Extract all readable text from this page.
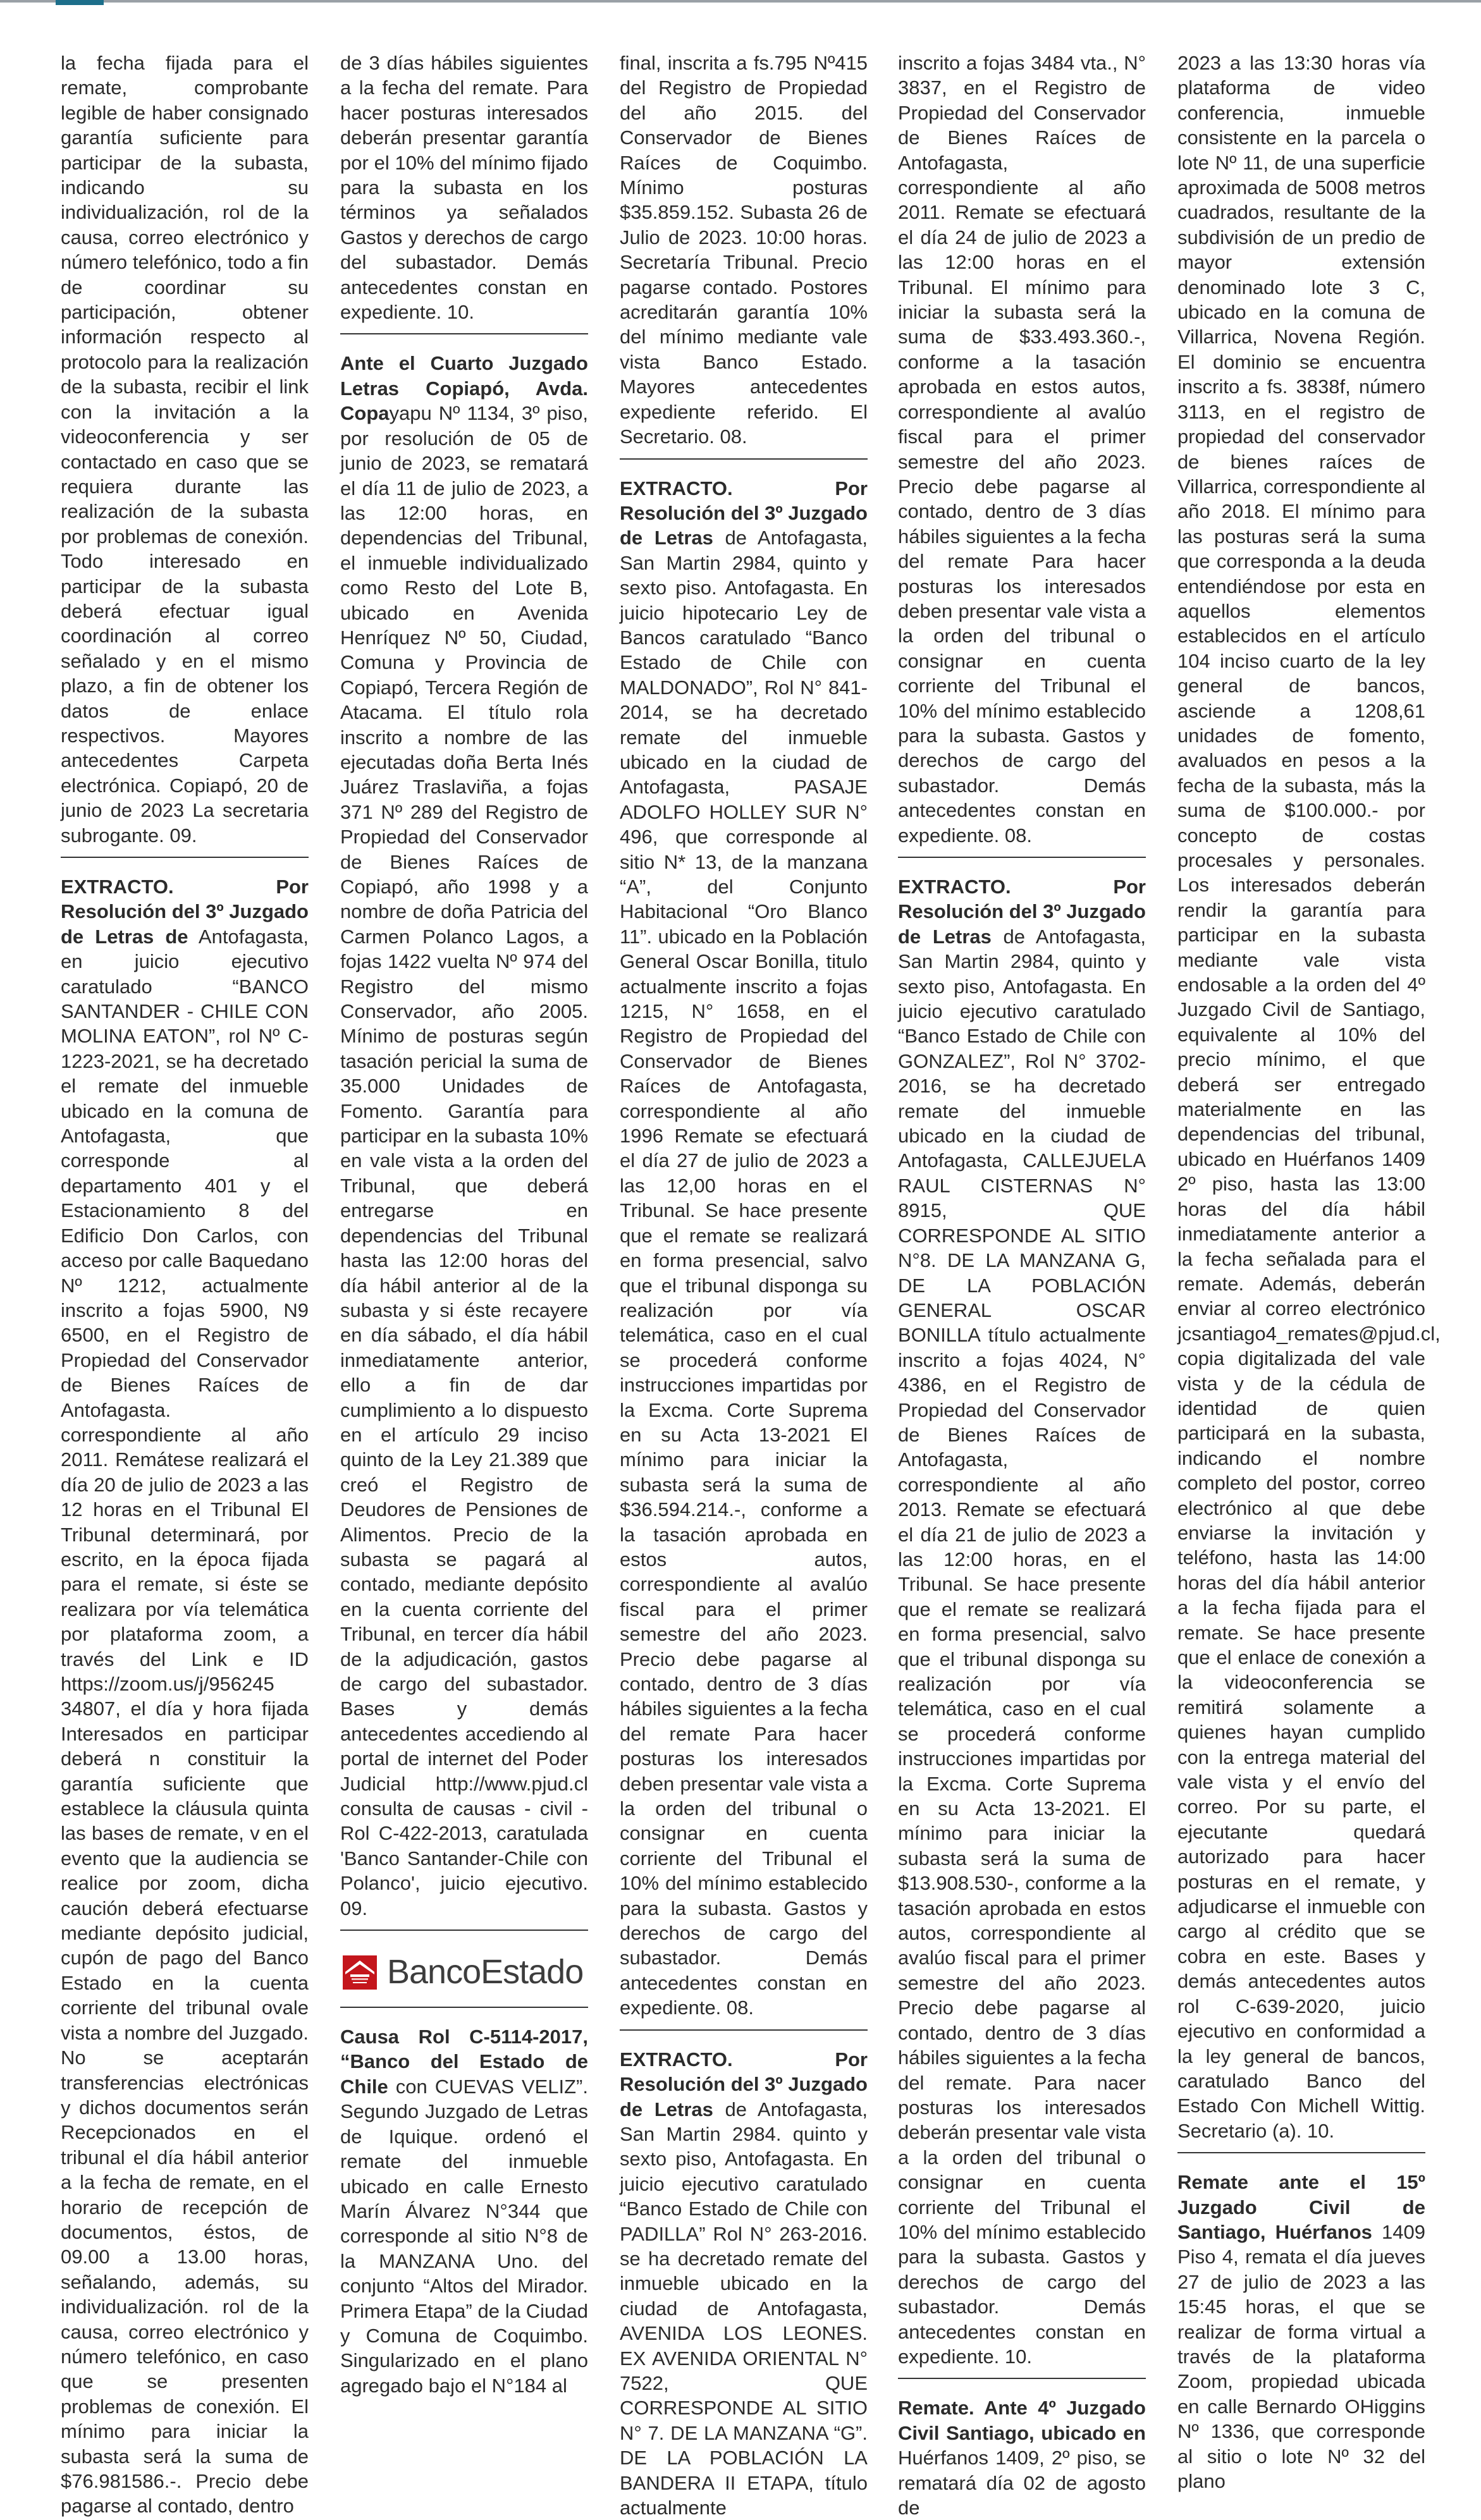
la fecha fijada para el remate, comprobante legible de haber consignado garantía suficiente para participar de la subasta, indicando su individualización, rol de la causa, correo electrónico y número telefónico, todo a fin de coordinar su participación, obtener información respecto al protocolo para la realización de la subasta, recibir el link con la invitación a la videoconferencia y ser contactado en caso que se requiera durante las realización de la subasta por problemas de conexión. Todo interesado en participar de la subasta deberá efectuar igual coordinación al correo señalado y en el mismo plazo, a fin de obtener los datos de enlace respectivos. Mayores antecedentes Carpeta electrónica. Copiapó, 20 de junio de 2023 La secretaria subrogante. 09.

EXTRACTO. Por Resolución del 3º Juzgado de Letras de Antofagasta, en juicio ejecutivo caratulado “BANCO SANTANDER - CHILE CON MOLINA EATON”, rol Nº C-1223-2021, se ha decretado el remate del inmueble ubicado en la comuna de Antofagasta, que corresponde al departamento 401 y el Estacionamiento 8 del Edificio Don Carlos, con acceso por calle Baquedano Nº 1212, actualmente inscrito a fojas 5900, N9 6500, en el Registro de Propiedad del Conservador de Bienes Raíces de Antofagasta. correspondiente al año 2011. Remátese realizará el día 20 de julio de 2023 a las 12 horas en el Tribunal El Tribunal determinará, por escrito, en la época fijada para el remate, si éste se realizara por vía telemática por plataforma zoom, a través del Link e ID https://zoom.us/j/956245 34807, el día y hora fijada Interesados en participar deberá n constituir la garantía suficiente que establece la cláusula quinta las bases de remate, v en el evento que la audiencia se realice por zoom, dicha caución deberá efectuarse mediante depósito judicial, cupón de pago del Banco Estado en la cuenta corriente del tribunal ovale vista a nombre del Juzgado. No se aceptarán transferencias electrónicas y dichos documentos serán Recepcionados en el tribunal el día hábil anterior a la fecha de remate, en el horario de recepción de documentos, éstos, de 09.00 a 13.00 horas, señalando, además, su individualización. rol de la causa, correo electrónico y número telefónico, en caso que se presenten problemas de conexión. El mínimo para iniciar la subasta será la suma de $76.981586.-. Precio debe pagarse al contado, dentro

de 3 días hábiles siguientes a la fecha del remate. Para hacer posturas interesados deberán presentar garantía por el 10% del mínimo fijado para la subasta en los términos ya señalados Gastos y derechos de cargo del subastador. Demás antecedentes constan en expediente. 10.

Ante el Cuarto Juzgado Letras Copiapó, Avda. Copayapu Nº 1134, 3º piso, por resolución de 05 de junio de 2023, se rematará el día 11 de julio de 2023, a las 12:00 horas, en dependencias del Tribunal, el inmueble individualizado como Resto del Lote B, ubicado en Avenida Henríquez Nº 50, Ciudad, Comuna y Provincia de Copiapó, Tercera Región de Atacama. El título rola inscrito a nombre de las ejecutadas doña Berta Inés Juárez Traslaviña, a fojas 371 Nº 289 del Registro de Propiedad del Conservador de Bienes Raíces de Copiapó, año 1998 y a nombre de doña Patricia del Carmen Polanco Lagos, a fojas 1422 vuelta Nº 974 del Registro del mismo Conservador, año 2005. Mínimo de posturas según tasación pericial la suma de 35.000 Unidades de Fomento. Garantía para participar en la subasta 10% en vale vista a la orden del Tribunal, que deberá entregarse en dependencias del Tribunal hasta las 12:00 horas del día hábil anterior al de la subasta y si éste recayere en día sábado, el día hábil inmediatamente anterior, ello a fin de dar cumplimiento a lo dispuesto en el artículo 29 inciso quinto de la Ley 21.389 que creó el Registro de Deudores de Pensiones de Alimentos. Precio de la subasta se pagará al contado, mediante depósito en la cuenta corriente del Tribunal, en tercer día hábil de la adjudicación, gastos de cargo del subastador. Bases y demás antecedentes accediendo al portal de internet del Poder Judicial http://www.pjud.cl consulta de causas - civil - Rol C-422-2013, caratulada 'Banco Santander-Chile con Polanco', juicio ejecutivo. 09.

BancoEstado

Causa Rol C-5114-2017, “Banco del Estado de Chile con CUEVAS VELIZ”. Segundo Juzgado de Letras de Iquique. ordenó el remate del inmueble ubicado en calle Ernesto Marín Álvarez N°344 que corresponde al sitio N°8 de la MANZANA Uno. del conjunto “Altos del Mirador. Primera Etapa” de la Ciudad y Comuna de Coquimbo. Singularizado en el plano agregado bajo el N°184 al

final, inscrita a fs.795 Nº415 del Registro de Propiedad del año 2015. del Conservador de Bienes Raíces de Coquimbo. Mínimo posturas $35.859.152. Subasta 26 de Julio de 2023. 10:00 horas. Secretaría Tribunal. Precio pagarse contado. Postores acreditarán garantía 10% del mínimo mediante vale vista Banco Estado. Mayores antecedentes expediente referido. El Secretario. 08.

EXTRACTO. Por Resolución del 3º Juzgado de Letras de Antofagasta, San Martin 2984, quinto y sexto piso. Antofagasta. En juicio hipotecario Ley de Bancos caratulado “Banco Estado de Chile con MALDONADO”, Rol N° 841-2014, se ha decretado remate del inmueble ubicado en la ciudad de Antofagasta, PASAJE ADOLFO HOLLEY SUR N° 496, que corresponde al sitio N* 13, de la manzana “A”, del Conjunto Habitacional “Oro Blanco 11”. ubicado en la Población General Oscar Bonilla, titulo actualmente inscrito a fojas 1215, N° 1658, en el Registro de Propiedad del Conservador de Bienes Raíces de Antofagasta, correspondiente al año 1996 Remate se efectuará el día 27 de julio de 2023 a las 12,00 horas en el Tribunal. Se hace presente que el remate se realizará en forma presencial, salvo que el tribunal disponga su realización por vía telemática, caso en el cual se procederá conforme instrucciones impartidas por la Excma. Corte Suprema en su Acta 13-2021 El mínimo para iniciar la subasta será la suma de $36.594.214.-, conforme a la tasación aprobada en estos autos, correspondiente al avalúo fiscal para el primer semestre del año 2023. Precio debe pagarse al contado, dentro de 3 días hábiles siguientes a la fecha del remate Para hacer posturas los interesados deben presentar vale vista a la orden del tribunal o consignar en cuenta corriente del Tribunal el 10% del mínimo establecido para la subasta. Gastos y derechos de cargo del subastador. Demás antecedentes constan en expediente. 08.

EXTRACTO. Por Resolución del 3º Juzgado de Letras de Antofagasta, San Martin 2984. quinto y sexto piso, Antofagasta. En juicio ejecutivo caratulado “Banco Estado de Chile con PADILLA” Rol N° 263-2016. se ha decretado remate del inmueble ubicado en la ciudad de Antofagasta, AVENIDA LOS LEONES. EX AVENIDA ORIENTAL N° 7522, QUE CORRESPONDE AL SITIO N° 7. DE LA MANZANA “G”. DE LA POBLACIÓN LA BANDERA II ETAPA, título actualmente

inscrito a fojas 3484 vta., N° 3837, en el Registro de Propiedad del Conservador de Bienes Raíces de Antofagasta, correspondiente al año 2011. Remate se efectuará el día 24 de julio de 2023 a las 12:00 horas en el Tribunal. El mínimo para iniciar la subasta será la suma de $33.493.360.-, conforme a la tasación aprobada en estos autos, correspondiente al avalúo fiscal para el primer semestre del año 2023. Precio debe pagarse al contado, dentro de 3 días hábiles siguientes a la fecha del remate Para hacer posturas los interesados deben presentar vale vista a la orden del tribunal o consignar en cuenta corriente del Tribunal el 10% del mínimo establecido para la subasta. Gastos y derechos de cargo del subastador. Demás antecedentes constan en expediente. 08.

EXTRACTO. Por Resolución del 3º Juzgado de Letras de Antofagasta, San Martin 2984, quinto y sexto piso, Antofagasta. En juicio ejecutivo caratulado “Banco Estado de Chile con GONZALEZ”, Rol N° 3702-2016, se ha decretado remate del inmueble ubicado en la ciudad de Antofagasta, CALLEJUELA RAUL CISTERNAS N° 8915, QUE CORRESPONDE AL SITIO N°8. DE LA MANZANA G, DE LA POBLACIÓN GENERAL OSCAR BONILLA título actualmente inscrito a fojas 4024, N° 4386, en el Registro de Propiedad del Conservador de Bienes Raíces de Antofagasta, correspondiente al año 2013. Remate se efectuará el día 21 de julio de 2023 a las 12:00 horas, en el Tribunal. Se hace presente que el remate se realizará en forma presencial, salvo que el tribunal disponga su realización por vía telemática, caso en el cual se procederá conforme instrucciones impartidas por la Excma. Corte Suprema en su Acta 13-2021. El mínimo para iniciar la subasta será la suma de $13.908.530-, conforme a la tasación aprobada en estos autos, correspondiente al avalúo fiscal para el primer semestre del año 2023. Precio debe pagarse al contado, dentro de 3 días hábiles siguientes a la fecha del remate. Para nacer posturas los interesados deberán presentar vale vista a la orden del tribunal o consignar en cuenta corriente del Tribunal el 10% del mínimo establecido para la subasta. Gastos y derechos de cargo del subastador. Demás antecedentes constan en expediente. 10.

Remate. Ante 4º Juzgado Civil Santiago, ubicado en Huérfanos 1409, 2º piso, se rematará día 02 de agosto de

2023 a las 13:30 horas vía plataforma de video conferencia, inmueble consistente en la parcela o lote Nº 11, de una superficie aproximada de 5008 metros cuadrados, resultante de la subdivisión de un predio de mayor extensión denominado lote 3 C, ubicado en la comuna de Villarrica, Novena Región. El dominio se encuentra inscrito a fs. 3838f, número 3113, en el registro de propiedad del conservador de bienes raíces de Villarrica, correspondiente al año 2018. El mínimo para las posturas será la suma que corresponda a la deuda entendiéndose por esta en aquellos elementos establecidos en el artículo 104 inciso cuarto de la ley general de bancos, asciende a 1208,61 unidades de fomento, avaluados en pesos a la fecha de la subasta, más la suma de $100.000.- por concepto de costas procesales y personales. Los interesados deberán rendir la garantía para participar en la subasta mediante vale vista endosable a la orden del 4º Juzgado Civil de Santiago, equivalente al 10% del precio mínimo, el que deberá ser entregado materialmente en las dependencias del tribunal, ubicado en Huérfanos 1409 2º piso, hasta las 13:00 horas del día hábil inmediatamente anterior a la fecha señalada para el remate. Además, deberán enviar al correo electrónico jcsantiago4_remates@pjud.cl, copia digitalizada del vale vista y de la cédula de identidad de quien participará en la subasta, indicando el nombre completo del postor, correo electrónico al que debe enviarse la invitación y teléfono, hasta las 14:00 horas del día hábil anterior a la fecha fijada para el remate. Se hace presente que el enlace de conexión a la videoconferencia se remitirá solamente a quienes hayan cumplido con la entrega material del vale vista y el envío del correo. Por su parte, el ejecutante quedará autorizado para hacer posturas en el remate, y adjudicarse el inmueble con cargo al crédito que se cobra en este. Bases y demás antecedentes autos rol C-639-2020, juicio ejecutivo en conformidad a la ley general de bancos, caratulado Banco del Estado Con Michell Wittig. Secretario (a). 10.

Remate ante el 15º Juzgado Civil de Santiago, Huérfanos 1409 Piso 4, remata el día jueves 27 de julio de 2023 a las 15:45 horas, el que se realizar de forma virtual a través de la plataforma Zoom, propiedad ubicada en calle Bernardo OHiggins Nº 1336, que corresponde al sitio o lote Nº 32 del plano
